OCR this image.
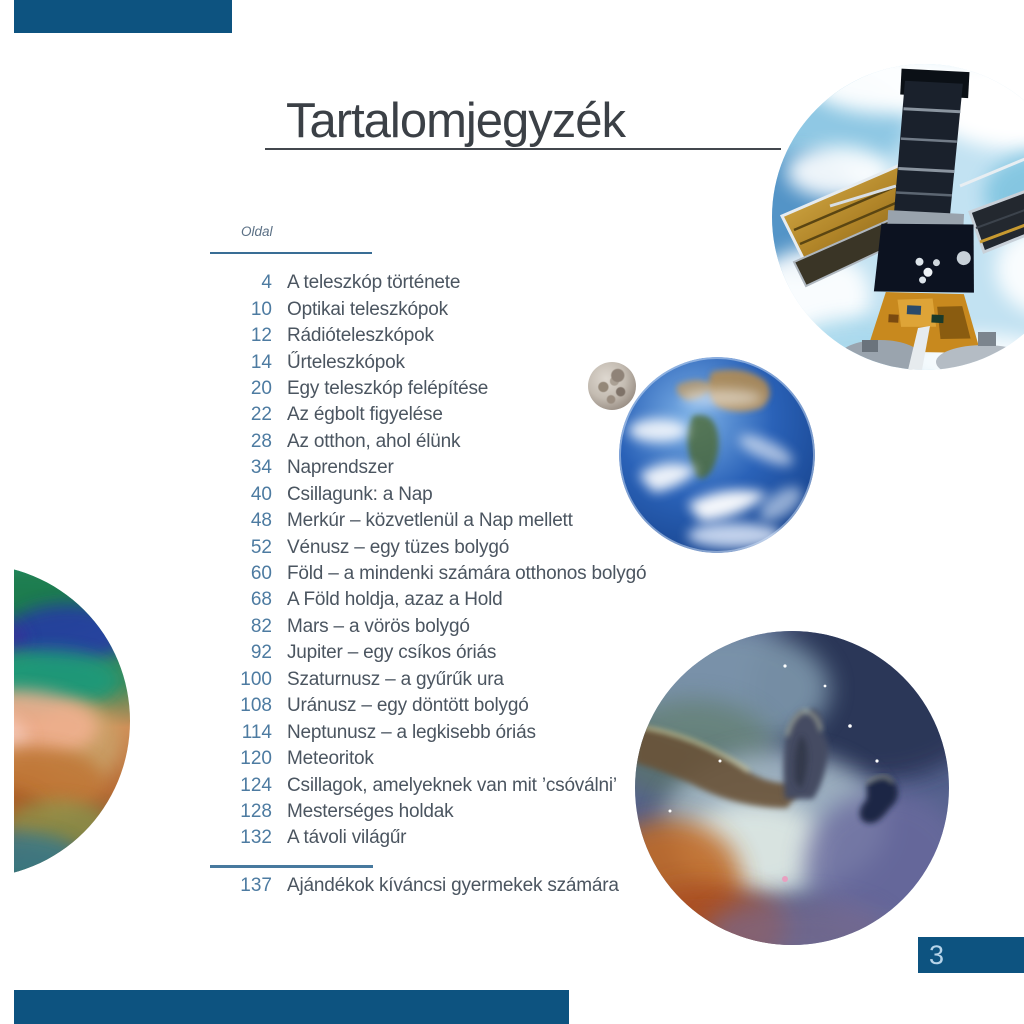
Tartalomjegyzék
Oldal
4 A teleszkóp története
10 Optikai teleszkópok
12 Rádióteleszkópok
14 Űrteleszkópok
20 Egy teleszkóp felépítése
22 Az égbolt figyelése
28 Az otthon, ahol élünk
34 Naprendszer
40 Csillagunk: a Nap
48 Merkúr – közvetlenül a Nap mellett
52 Vénusz – egy tüzes bolygó
60 Föld – a mindenki számára otthonos bolygó
68 A Föld holdja, azaz a Hold
82 Mars – a vörös bolygó
92 Jupiter – egy csíkos óriás
100 Szaturnusz – a gyűrűk ura
108 Uránusz – egy döntött bolygó
114 Neptunusz – a legkisebb óriás
120 Meteoritok
124 Csillagok, amelyeknek van mit ’csóválni’
128 Mesterséges holdak
132 A távoli világűr
137 Ajándékok kíváncsi gyermekek számára
3
